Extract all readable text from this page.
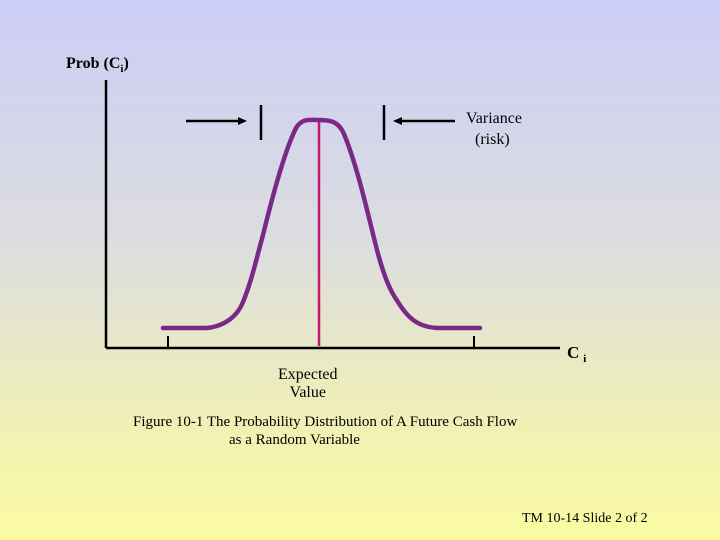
Prob $(C_i)$
Variance
(risk)
C $_i$
Expected
Value
Figure 10-1 The Probability Distribution of A Future Cash Flow
as a Random Variable
TM 10-14 Slide 2 of 2
